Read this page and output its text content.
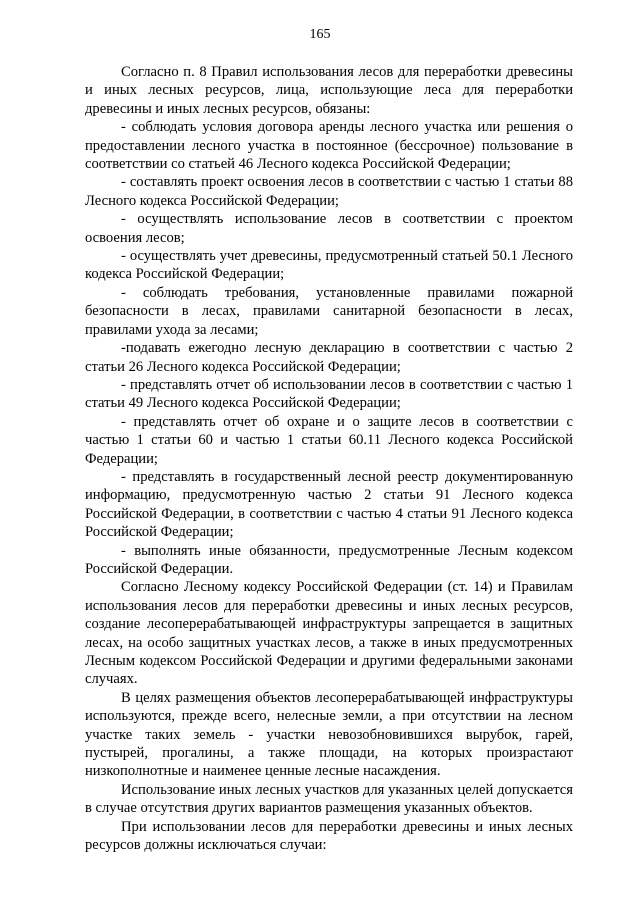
165

Согласно п. 8 Правил использования лесов для переработки древесины и иных лесных ресурсов, лица, использующие леса для переработки древесины и иных лесных ресурсов, обязаны:

- соблюдать условия договора аренды лесного участка или решения о предоставлении лесного участка в постоянное (бессрочное) пользование в соответствии со статьей 46 Лесного кодекса Российской Федерации;

- составлять проект освоения лесов в соответствии с частью 1 статьи 88 Лесного кодекса Российской Федерации;

- осуществлять использование лесов в соответствии с проектом освоения лесов;

- осуществлять учет древесины, предусмотренный статьей 50.1 Лесного кодекса Российской Федерации;

- соблюдать требования, установленные правилами пожарной безопасности в лесах, правилами санитарной безопасности в лесах, правилами ухода за лесами;

-подавать ежегодно лесную декларацию в соответствии с частью 2 статьи 26 Лесного кодекса Российской Федерации;

- представлять отчет об использовании лесов в соответствии с частью 1 статьи 49 Лесного кодекса Российской Федерации;

- представлять отчет об охране и о защите лесов в соответствии с частью 1 статьи 60 и частью 1 статьи 60.11 Лесного кодекса Российской Федерации;

- представлять в государственный лесной реестр документированную информацию, предусмотренную частью 2 статьи 91 Лесного кодекса Российской Федерации, в соответствии с частью 4 статьи 91 Лесного кодекса Российской Федерации;

- выполнять иные обязанности, предусмотренные Лесным кодексом Российской Федерации.

Согласно Лесному кодексу Российской Федерации (ст. 14) и Правилам использования лесов для переработки древесины и иных лесных ресурсов, создание лесоперерабатывающей инфраструктуры запрещается в защитных лесах, на особо защитных участках лесов, а также в иных предусмотренных Лесным кодексом Российской Федерации и другими федеральными законами случаях.

В целях размещения объектов лесоперерабатывающей инфраструктуры используются, прежде всего, нелесные земли, а при отсутствии на лесном участке таких земель - участки невозобновившихся вырубок, гарей, пустырей, прогалины, а также площади, на которых произрастают низкополнотные и наименее ценные лесные насаждения.

Использование иных лесных участков для указанных целей допускается в случае отсутствия других вариантов размещения указанных объектов.

При использовании лесов для переработки древесины и иных лесных ресурсов должны исключаться случаи:
